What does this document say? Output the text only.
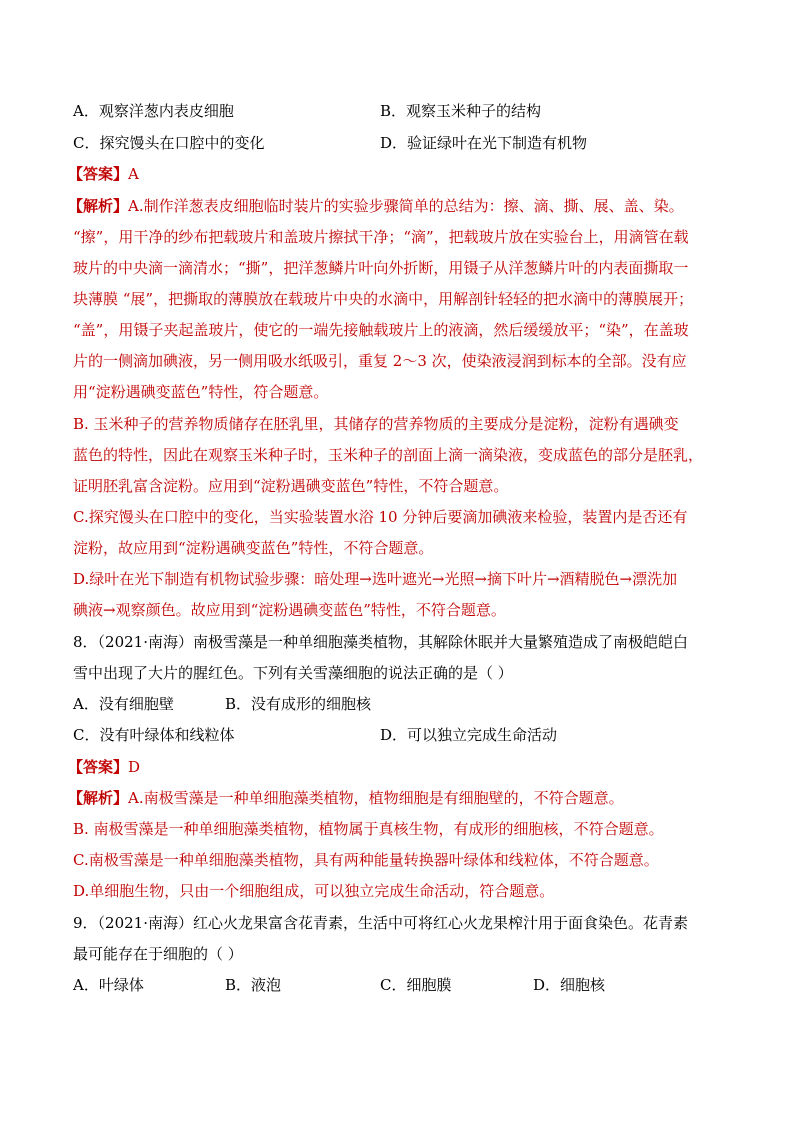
A．观察洋葱内表皮细胞	B．观察玉米种子的结构
C．探究馒头在口腔中的变化	D．验证绿叶在光下制造有机物
【答案】A
【解析】A.制作洋葱表皮细胞临时装片的实验步骤简单的总结为：擦、滴、撕、展、盖、染。
“擦”，用干净的纱布把载玻片和盖玻片擦拭干净；“滴”，把载玻片放在实验台上，用滴管在载
玻片的中央滴一滴清水；“撕”，把洋葱鳞片叶向外折断，用镊子从洋葱鳞片叶的内表面撕取一
块薄膜 “展”，把撕取的薄膜放在载玻片中央的水滴中，用解剖针轻轻的把水滴中的薄膜展开；
“盖”，用镊子夹起盖玻片，使它的一端先接触载玻片上的液滴，然后缓缓放平；“染”，在盖玻
片的一侧滴加碘液，另一侧用吸水纸吸引，重复 2～3 次，使染液浸润到标本的全部。没有应
用“淀粉遇碘变蓝色”特性，符合题意。
B. 玉米种子的营养物质储存在胚乳里，其储存的营养物质的主要成分是淀粉，淀粉有遇碘变
蓝色的特性，因此在观察玉米种子时，玉米种子的剖面上滴一滴染液，变成蓝色的部分是胚乳，
证明胚乳富含淀粉。应用到“淀粉遇碘变蓝色”特性，不符合题意。
C.探究馒头在口腔中的变化，当实验装置水浴 10 分钟后要滴加碘液来检验，装置内是否还有
淀粉，故应用到“淀粉遇碘变蓝色”特性，不符合题意。
D.绿叶在光下制造有机物试验步骤：暗处理→选叶遮光→光照→摘下叶片→酒精脱色→漂洗加
碘液→观察颜色。故应用到“淀粉遇碘变蓝色”特性，不符合题意。
8．（2021·南海）南极雪藻是一种单细胞藻类植物，其解除休眠并大量繁殖造成了南极皑皑白
雪中出现了大片的腥红色。下列有关雪藻细胞的说法正确的是（ ）
A．没有细胞壁	B．没有成形的细胞核
C．没有叶绿体和线粒体	D．可以独立完成生命活动
【答案】D
【解析】A.南极雪藻是一种单细胞藻类植物，植物细胞是有细胞壁的，不符合题意。
B. 南极雪藻是一种单细胞藻类植物，植物属于真核生物，有成形的细胞核，不符合题意。
C.南极雪藻是一种单细胞藻类植物，具有两种能量转换器叶绿体和线粒体，不符合题意。
D.单细胞生物，只由一个细胞组成，可以独立完成生命活动，符合题意。
9．（2021·南海）红心火龙果富含花青素，生活中可将红心火龙果榨汁用于面食染色。花青素
最可能存在于细胞的（ ）
A．叶绿体	B．液泡	C．细胞膜	D．细胞核
